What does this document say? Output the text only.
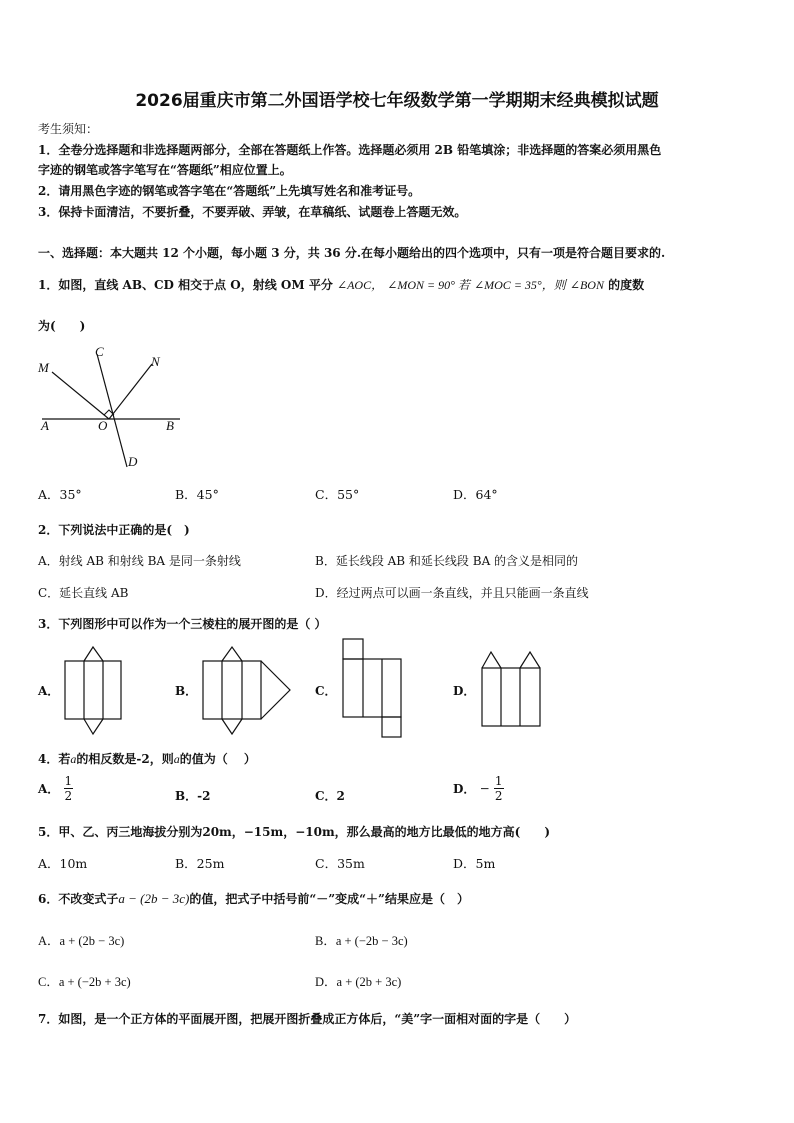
2026届重庆市第二外国语学校七年级数学第一学期期末经典模拟试题
考生须知：
1．全卷分选择题和非选择题两部分，全部在答题纸上作答。选择题必须用 2B 铅笔填涂；非选择题的答案必须用黑色
字迹的钢笔或答字笔写在“答题纸”相应位置上。
2．请用黑色字迹的钢笔或答字笔在“答题纸”上先填写姓名和准考证号。
3．保持卡面清洁，不要折叠，不要弄破、弄皱，在草稿纸、试题卷上答题无效。
一、选择题：本大题共 12 个小题，每小题 3 分，共 36 分.在每小题给出的四个选项中，只有一项是符合题目要求的.
1．如图，直线 AB、CD 相交于点 O，射线 OM 平分 ∠AOC， ∠MON = 90° 若 ∠MOC = 35°，则 ∠BON 的度数
为(　　)
M
C
N
A	O	B
D
A．35°	B．45°	C．55°	D．64°
2．下列说法中正确的是(　)
A．射线 AB 和射线 BA 是同一条射线	B．延长线段 AB 和延长线段 BA 的含义是相同的
C．延长直线 AB	D．经过两点可以画一条直线，并且只能画一条直线
3．下列图形中可以作为一个三棱柱的展开图的是（ ）
A．	B．	C．	D．
4．若a的相反数是-2，则a的值为（　 ）
A． $\frac{1}{2}$	B．-2	C．2	D． − $\frac{1}{2}$
5．甲、乙、丙三地海拔分别为20m，−15m，−10m，那么最高的地方比最低的地方高(　　)
A．10m	B．25m	C．35m	D．5m
6．不改变式子a − (2b − 3c)的值，把式子中括号前“－”变成“＋”结果应是（　）
A．a + (2b − 3c)	B．a + (−2b − 3c)
C．a + (−2b + 3c)	D．a + (2b + 3c)
7．如图，是一个正方体的平面展开图，把展开图折叠成正方体后，“美”字一面相对面的字是（　　）
